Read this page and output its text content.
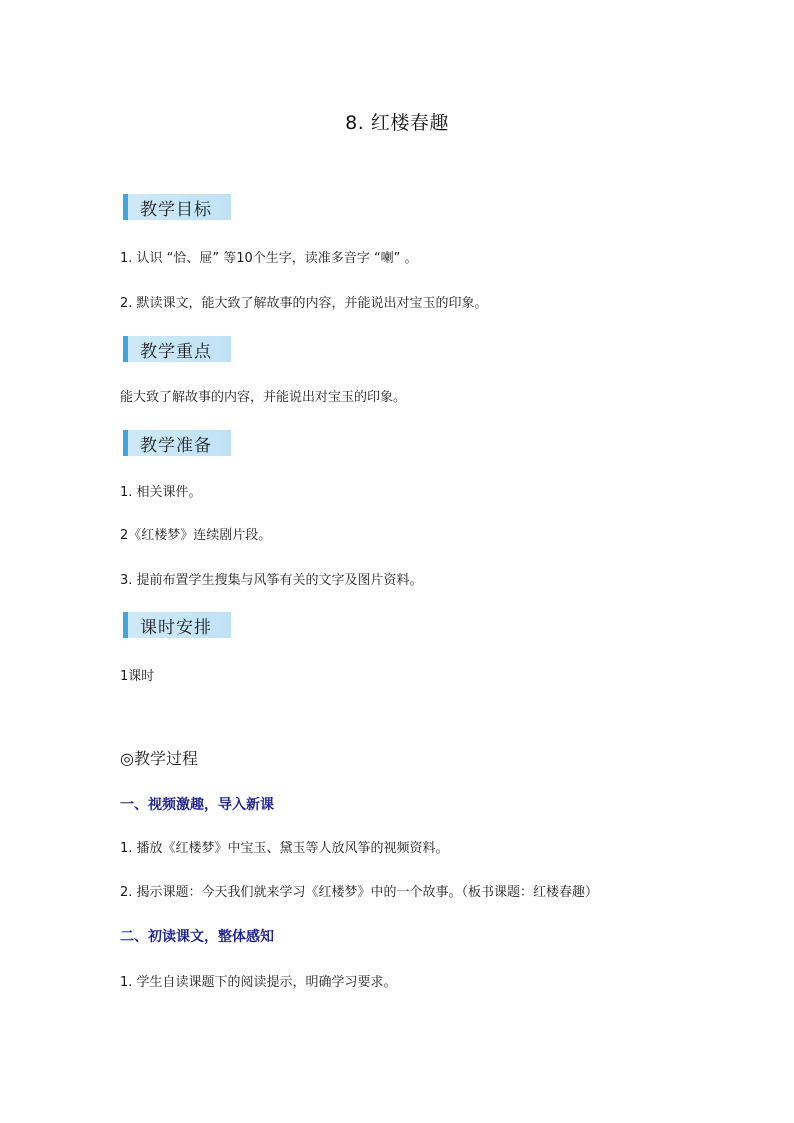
8. 红楼春趣
教学目标
1. 认识 “恰、屉” 等10个生字，读准多音字 “喇” 。
2. 默读课文，能大致了解故事的内容，并能说出对宝玉的印象。
教学重点
能大致了解故事的内容，并能说出对宝玉的印象。
教学准备
1. 相关课件。
2《红楼梦》连续剧片段。
3. 提前布置学生搜集与风筝有关的文字及图片资料。
课时安排
1课时
◎教学过程
一、视频激趣，导入新课
1. 播放《红楼梦》中宝玉、黛玉等人放风筝的视频资料。
2. 揭示课题：今天我们就来学习《红楼梦》中的一个故事。（板书课题：红楼春趣）
二、初读课文，整体感知
1. 学生自读课题下的阅读提示，明确学习要求。
